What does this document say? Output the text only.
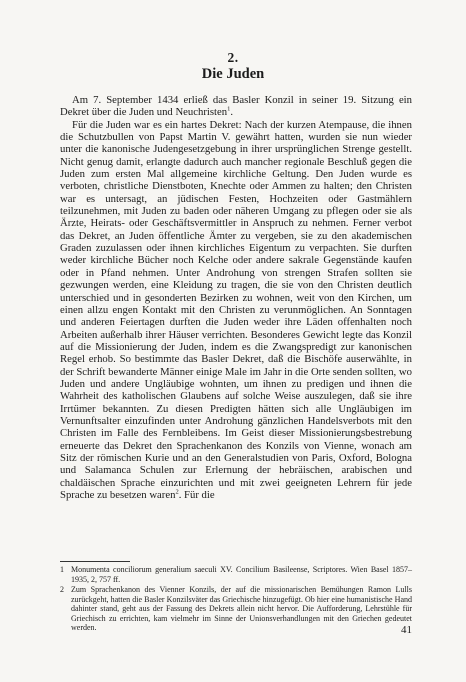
2.
Die Juden

Am 7. September 1434 erließ das Basler Konzil in seiner 19. Sitzung ein Dekret über die Juden und Neuchristen$^1$.

Für die Juden war es ein hartes Dekret: Nach der kurzen Atempause, die ihnen die Schutzbullen von Papst Martin V. gewährt hatten, wurden sie nun wieder unter die kanonische Judengesetzgebung in ihrer ursprünglichen Strenge gestellt. Nicht genug damit, erlangte dadurch auch mancher regionale Beschluß gegen die Juden zum ersten Mal allgemeine kirchliche Geltung. Den Juden wurde es verboten, christliche Dienstboten, Knechte oder Ammen zu halten; den Christen war es untersagt, an jüdischen Festen, Hochzeiten oder Gastmählern teilzunehmen, mit Juden zu baden oder näheren Umgang zu pflegen oder sie als Ärzte, Heirats- oder Geschäftsvermittler in Anspruch zu nehmen. Ferner verbot das Dekret, an Juden öffentliche Ämter zu vergeben, sie zu den akademischen Graden zuzulassen oder ihnen kirchliches Eigentum zu verpachten. Sie durften weder kirchliche Bücher noch Kelche oder andere sakrale Gegenstände kaufen oder in Pfand nehmen. Unter Androhung von strengen Strafen sollten sie gezwungen werden, eine Kleidung zu tragen, die sie von den Christen deutlich unterschied und in gesonderten Bezirken zu wohnen, weit von den Kirchen, um einen allzu engen Kontakt mit den Christen zu verunmöglichen. An Sonntagen und anderen Feiertagen durften die Juden weder ihre Läden offenhalten noch Arbeiten außerhalb ihrer Häuser verrichten. Besonderes Gewicht legte das Konzil auf die Missionierung der Juden, indem es die Zwangspredigt zur kanonischen Regel erhob. So bestimmte das Basler Dekret, daß die Bischöfe auserwählte, in der Schrift bewanderte Männer einige Male im Jahr in die Orte senden sollten, wo Juden und andere Ungläubige wohnten, um ihnen zu predigen und ihnen die Wahrheit des katholischen Glaubens auf solche Weise auszulegen, daß sie ihre Irrtümer bekannten. Zu diesen Predigten hätten sich alle Ungläubigen im Vernunftsalter einzufinden unter Androhung gänzlichen Handelsverbots mit den Christen im Falle des Fernbleibens. Im Geist dieser Missionierungsbestrebung erneuerte das Dekret den Sprachenkanon des Konzils von Vienne, wonach am Sitz der römischen Kurie und an den Generalstudien von Paris, Oxford, Bologna und Salamanca Schulen zur Erlernung der hebräischen, arabischen und chaldäischen Sprache einzurichten und mit zwei geeigneten Lehrern für jede Sprache zu besetzen waren$^2$. Für die

1 Monumenta conciliorum generalium saeculi XV. Concilium Basileense, Scriptores. Wien Basel 1857–1935, 2, 757 ff.
2 Zum Sprachenkanon des Vienner Konzils, der auf die missionarischen Bemühungen Ramon Lulls zurückgeht, hatten die Basler Konzilsväter das Griechische hinzugefügt. Ob hier eine humanistische Hand dahinter stand, geht aus der Fassung des Dekrets allein nicht hervor. Die Aufforderung, Lehrstühle für Griechisch zu errichten, kam vielmehr im Sinne der Unionsverhandlungen mit den Griechen gedeutet werden.	41
